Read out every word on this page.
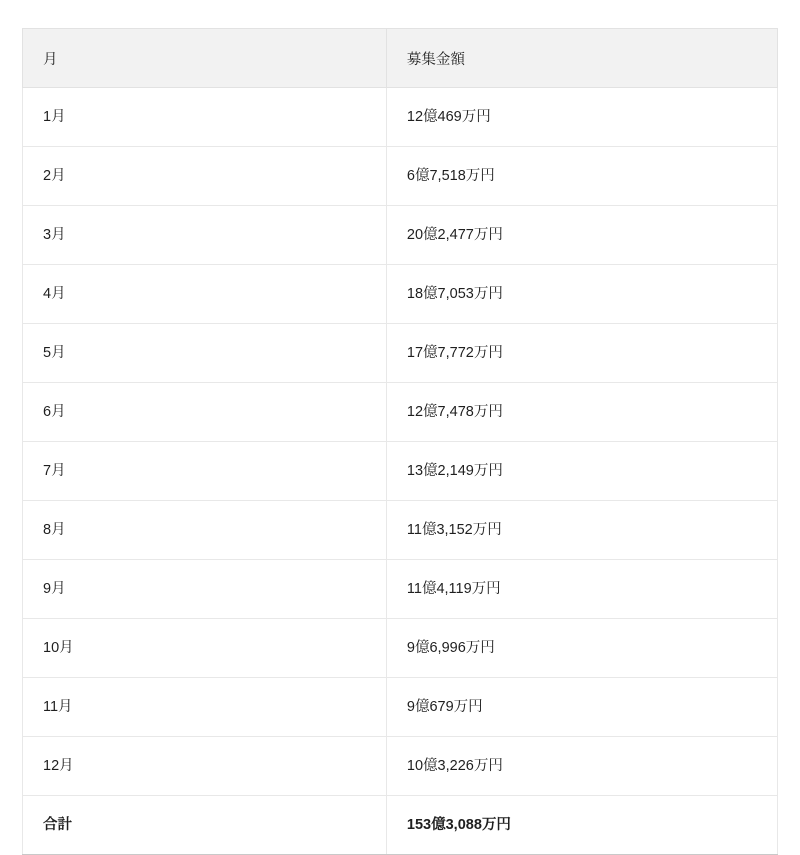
月	募集金額
1月	12億469万円
2月	6億7,518万円
3月	20億2,477万円
4月	18億7,053万円
5月	17億7,772万円
6月	12億7,478万円
7月	13億2,149万円
8月	11億3,152万円
9月	11億4,119万円
10月	9億6,996万円
11月	9億679万円
12月	10億3,226万円
合計	153億3,088万円
